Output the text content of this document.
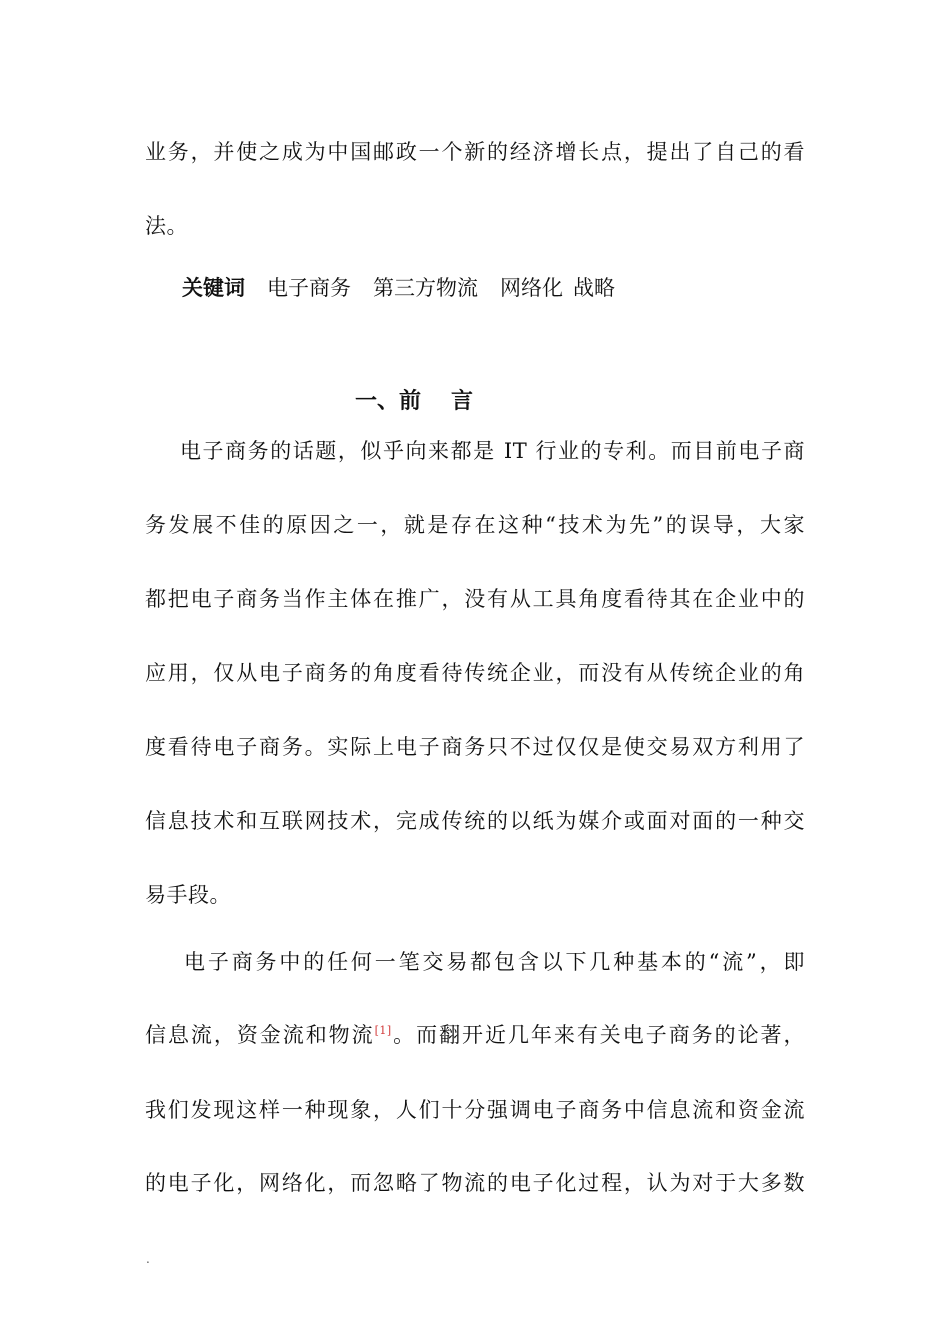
业务，并使之成为中国邮政一个新的经济增长点，提出了自己的看
法。
关键词 电子商务 第三方物流 网络化 战略
一、前 言
电子商务的话题，似乎向来都是 IT 行业的专利。而目前电子商
务发展不佳的原因之一，就是存在这种“技术为先”的误导，大家
都把电子商务当作主体在推广，没有从工具角度看待其在企业中的
应用，仅从电子商务的角度看待传统企业，而没有从传统企业的角
度看待电子商务。实际上电子商务只不过仅仅是使交易双方利用了
信息技术和互联网技术，完成传统的以纸为媒介或面对面的一种交
易手段。
电子商务中的任何一笔交易都包含以下几种基本的“流”，即
信息流，资金流和物流[1]。而翻开近几年来有关电子商务的论著，
我们发现这样一种现象，人们十分强调电子商务中信息流和资金流
的电子化，网络化，而忽略了物流的电子化过程，认为对于大多数
.
